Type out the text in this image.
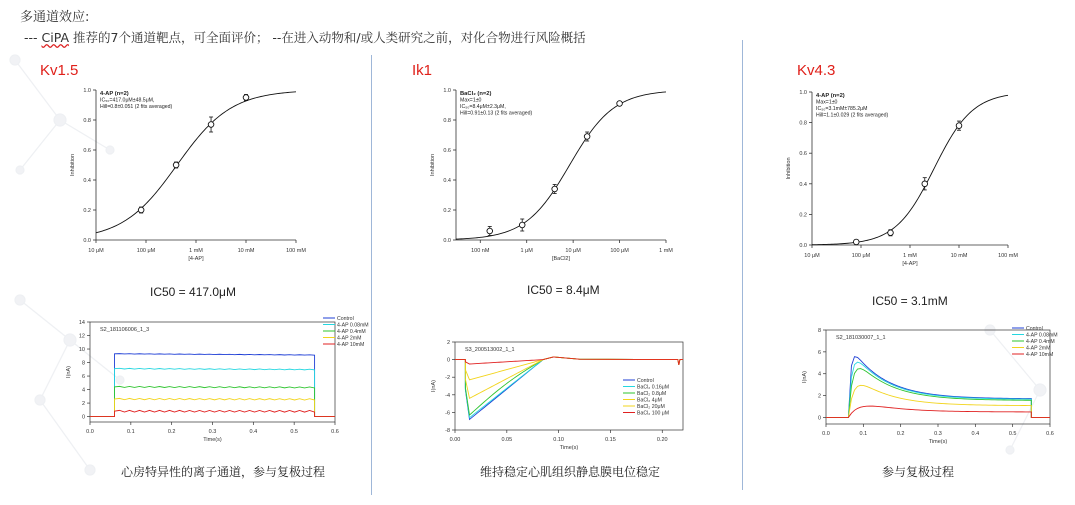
多通道效应:
--- CiPA 推荐的7个通道靶点，可全面评价； --在进入动物和/或人类研究之前，对化合物进行风险概括
Kv1.5	Ik1	Kv4.3
0.0
0.2
0.4
0.6
0.8
1.0
10 μM	100 μM	1 mM	10 mM	100 mM
[4-AP]
Inhibition
4-AP (n=2)
IC₅₀=417.0μM±48.5μM,
Hill=0.8±0.051 (2 fits averaged)
0.0
0.2
0.4
0.6
0.8
1.0
100 nM	1 μM	10 μM	100 μM	1 mM
[BaCl2]
Inhibition
BaCl₂ (n=2)
Max=1±0
IC₅₀=8.4μM±2.3μM,
Hill=0.91±0.13 (2 fits averaged)
0.0
0.2
0.4
0.6
0.8
1.0
10 μM	100 μM	1 mM	10 mM	100 mM
[4-AP]
Inhibition
4-AP (n=2)
Max=1±0
IC₅₀=3.1mM±785.2μM
Hill=1.1±0.029 (2 fits averaged)
IC50 = 417.0μM	IC50 = 8.4μM
IC50 = 3.1mM
0
2
4
6
8
10
12
14
0.0	0.1	0.2	0.3	0.4	0.5	0.6
Time(s)
I(nA)
S2_181106006_1_3
Control
4-AP 0.08mM
4-AP 0.4mM
4-AP 2mM
4-AP 10mM
-8
-6
-4
-2
0
2
0.00	0.05	0.10	0.15	0.20
Time(s)
I(nA)
S3_200513002_1_1
Control
BaCl₂ 0.16μM
BaCl₂ 0.8μM
BaCl₂ 4μM
BaCl₂ 20μM
BaCl₂ 100 μM
0
2
4
6
8
0.0	0.1	0.2	0.3	0.4	0.5	0.6
Time(s)
I(nA)
S2_181030007_1_1
Control
4-AP 0.08mM
4-AP 0.4mM
4-AP 2mM
4-AP 10mM
心房特异性的离子通道，参与复极过程	维持稳定心肌组织静息膜电位稳定	参与复极过程
